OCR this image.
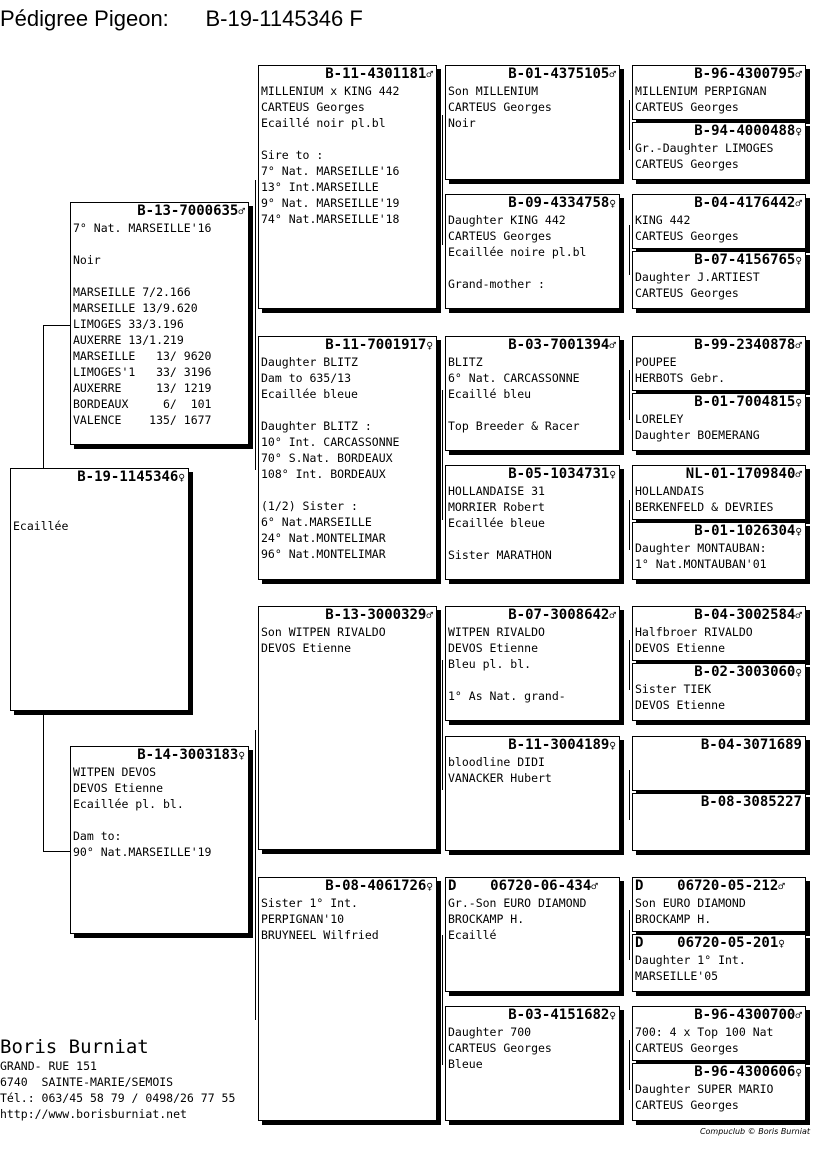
Pédigree Pigeon:      B-19-1145346 F
B-19-1145346♀
Ecaillée
B-13-7000635♂
7° Nat. MARSEILLE'16
Noir
MARSEILLE 7/2.166
MARSEILLE 13/9.620
LIMOGES 33/3.196
AUXERRE 13/1.219
MARSEILLE   13/ 9620
LIMOGES'1   33/ 3196
AUXERRE     13/ 1219
BORDEAUX     6/  101
VALENCE    135/ 1677
B-14-3003183♀
WITPEN DEVOS
DEVOS Etienne
Ecaillée pl. bl.
Dam to:
90° Nat.MARSEILLE'19
B-11-4301181♂
MILLENIUM x KING 442
CARTEUS Georges
Ecaillé noir pl.bl
Sire to :
7° Nat. MARSEILLE'16
13° Int.MARSEILLE
9° Nat. MARSEILLE'19
74° Nat.MARSEILLE'18
B-11-7001917♀
Daughter BLITZ
Dam to 635/13
Ecaillée bleue
Daughter BLITZ :
10° Int. CARCASSONNE
70° S.Nat. BORDEAUX
108° Int. BORDEAUX
(1/2) Sister :
6° Nat.MARSEILLE
24° Nat.MONTELIMAR
96° Nat.MONTELIMAR
B-13-3000329♂
Son WITPEN RIVALDO
DEVOS Etienne
B-08-4061726♀
Sister 1° Int.
PERPIGNAN'10
BRUYNEEL Wilfried
B-01-4375105♂
Son MILLENIUM
CARTEUS Georges
Noir
B-09-4334758♀
Daughter KING 442
CARTEUS Georges
Ecaillée noire pl.bl
Grand-mother :
B-03-7001394♂
BLITZ
6° Nat. CARCASSONNE
Ecaillé bleu
Top Breeder & Racer
B-05-1034731♀
HOLLANDAISE 31
MORRIER Robert
Ecaillée bleue
Sister MARATHON
B-07-3008642♂
WITPEN RIVALDO
DEVOS Etienne
Bleu pl. bl.
1° As Nat. grand-
B-11-3004189♀
bloodline DIDI
VANACKER Hubert
D    06720-06-434♂
Gr.-Son EURO DIAMOND
BROCKAMP H.
Ecaillé
B-03-4151682♀
Daughter 700
CARTEUS Georges
Bleue
B-96-4300795♂
MILLENIUM PERPIGNAN
CARTEUS Georges
B-94-4000488♀
Gr.-Daughter LIMOGES
CARTEUS Georges
B-04-4176442♂
KING 442
CARTEUS Georges
B-07-4156765♀
Daughter J.ARTIEST
CARTEUS Georges
B-99-2340878♂
POUPEE
HERBOTS Gebr.
B-01-7004815♀
LORELEY
Daughter BOEMERANG
NL-01-1709840♂
HOLLANDAIS
BERKENFELD & DEVRIES
B-01-1026304♀
Daughter MONTAUBAN:
1° Nat.MONTAUBAN'01
B-04-3002584♂
Halfbroer RIVALDO
DEVOS Etienne
B-02-3003060♀
Sister TIEK
DEVOS Etienne
B-04-3071689
B-08-3085227
D    06720-05-212♂
Son EURO DIAMOND
BROCKAMP H.
D    06720-05-201♀
Daughter 1° Int.
MARSEILLE'05
B-96-4300700♂
700: 4 x Top 100 Nat
CARTEUS Georges
B-96-4300606♀
Daughter SUPER MARIO
CARTEUS Georges
Boris Burniat
GRAND- RUE 151
6740  SAINTE-MARIE/SEMOIS
Tél.: 063/45 58 79 / 0498/26 77 55
http://www.borisburniat.net
Compuclub © Boris Burniat
